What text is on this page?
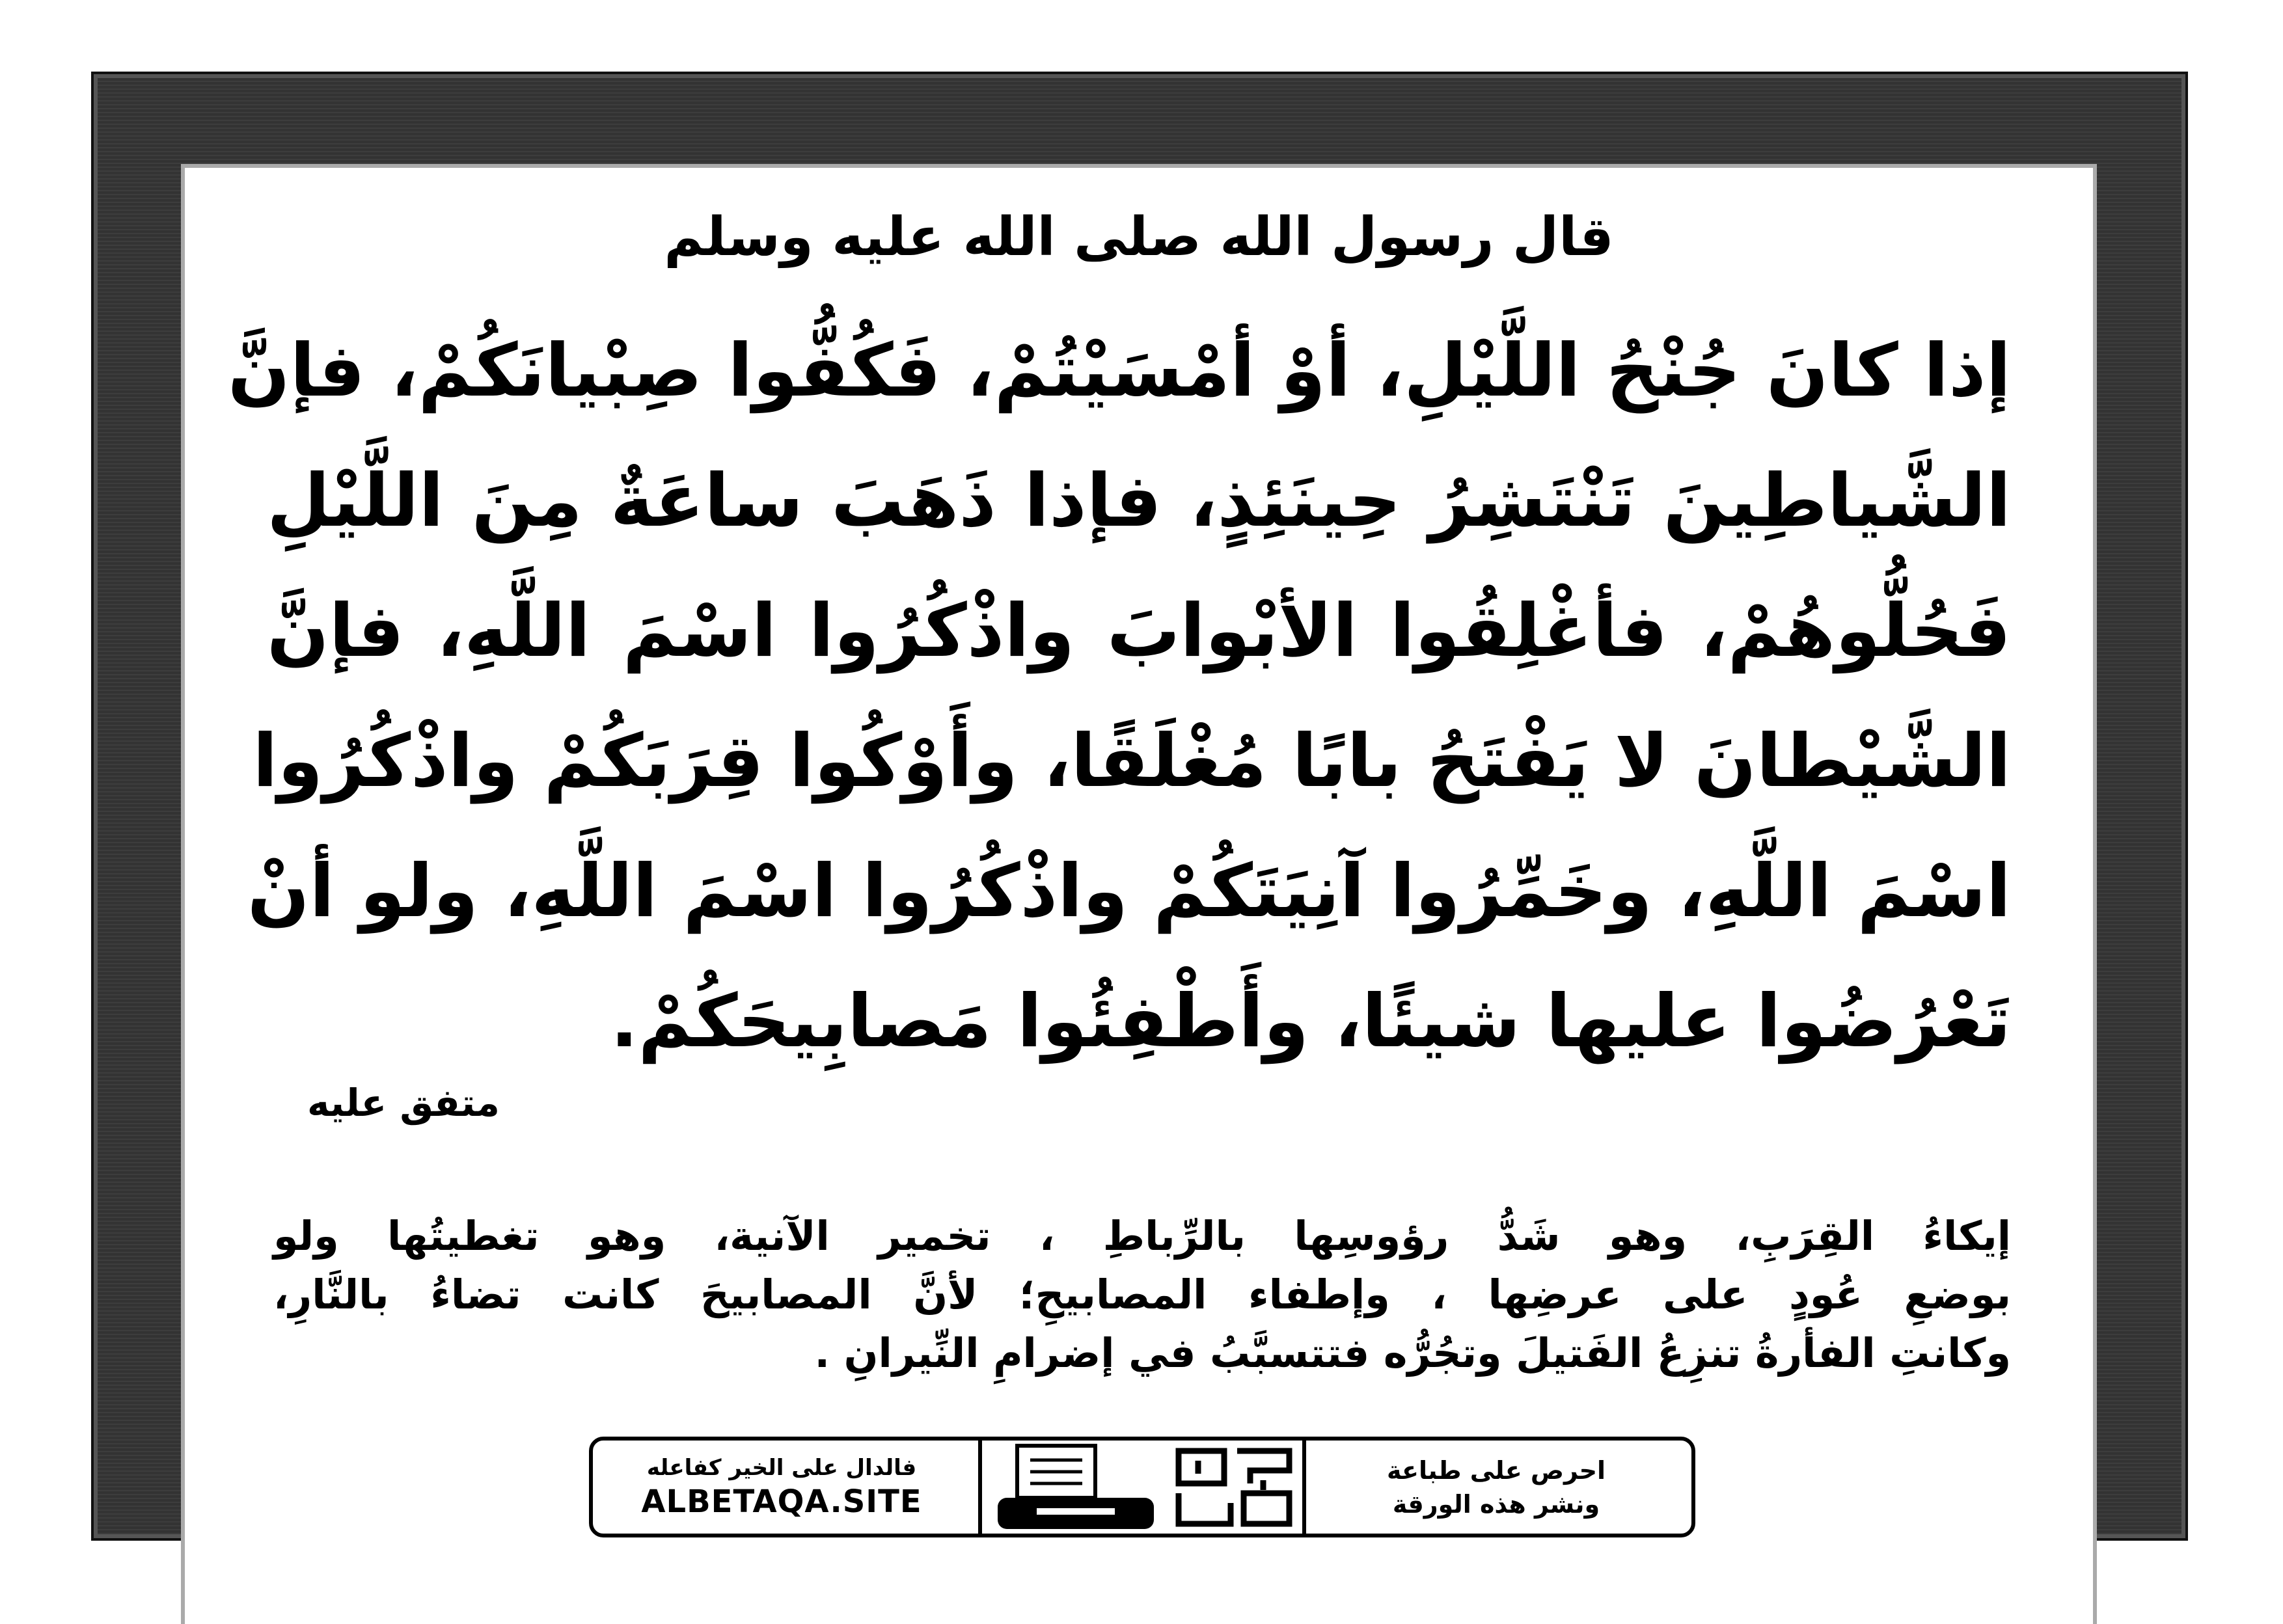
قال رسول الله صلى الله عليه وسلم
إذا كانَ جُنْحُ اللَّيْلِ، أوْ أمْسَيْتُمْ، فَكُفُّوا صِبْيانَكُمْ، فإنَّ
الشَّياطِينَ تَنْتَشِرُ حِينَئِذٍ، فإذا ذَهَبَ ساعَةٌ مِنَ اللَّيْلِ
فَحُلُّوهُمْ، فأغْلِقُوا الأبْوابَ واذْكُرُوا اسْمَ اللَّهِ، فإنَّ
الشَّيْطانَ لا يَفْتَحُ بابًا مُغْلَقًا، وأَوْكُوا قِرَبَكُمْ واذْكُرُوا
اسْمَ اللَّهِ، وخَمِّرُوا آنِيَتَكُمْ واذْكُرُوا اسْمَ اللَّهِ، ولو أنْ
تَعْرُضُوا عليها شيئًا، وأَطْفِئُوا مَصابِيحَكُمْ.
متفق عليه
إيكاءُ القِرَبِ، وهو شَدُّ رؤوسِها بالرِّباطِ ، تخمير الآنية، وهو تغطيتُها ولو
بوضعِ عُودٍ على عرضِها ، وإطفاء المصابيحِ؛ لأنَّ المصابيحَ كانت تضاءُ بالنَّارِ،
وكانتِ الفأرةُ تنزِعُ الفَتيلَ وتجُرُّه فتتسبَّبُ في إضرامِ النِّيرانِ .
فالدال على الخير كفاعله
ALBETAQA.SITE
احرص على طباعة
ونشر هذه الورقة
